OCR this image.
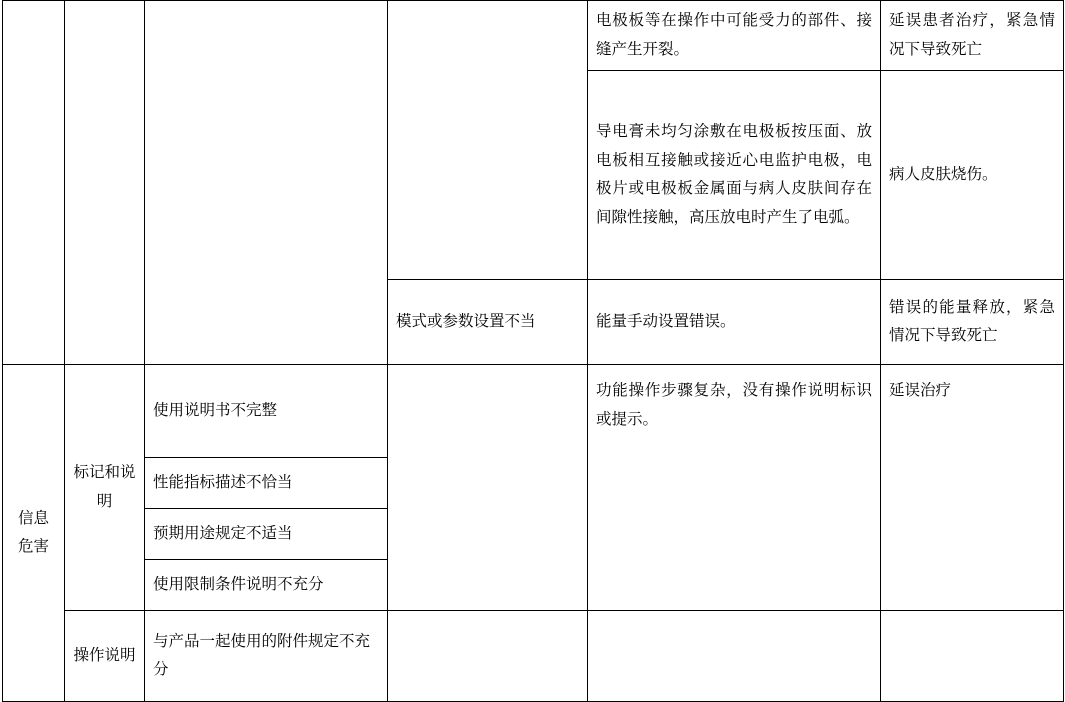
				电极板等在操作中可能受力的部件、接缝产生开裂。	延误患者治疗，紧急情况下导致死亡
				导电膏未均匀涂敷在电极板按压面、放电板相互接触或接近心电监护电极，电极片或电极板金属面与病人皮肤间存在间隙性接触，高压放电时产生了电弧。	病人皮肤烧伤。
			模式或参数设置不当	能量手动设置错误。	错误的能量释放，紧急情况下导致死亡
信息危害	标记和说明	使用说明书不完整		功能操作步骤复杂，没有操作说明标识或提示。	延误治疗
		性能指标描述不恰当			
		预期用途规定不适当			
		使用限制条件说明不充分			
	操作说明	与产品一起使用的附件规定不充分			
